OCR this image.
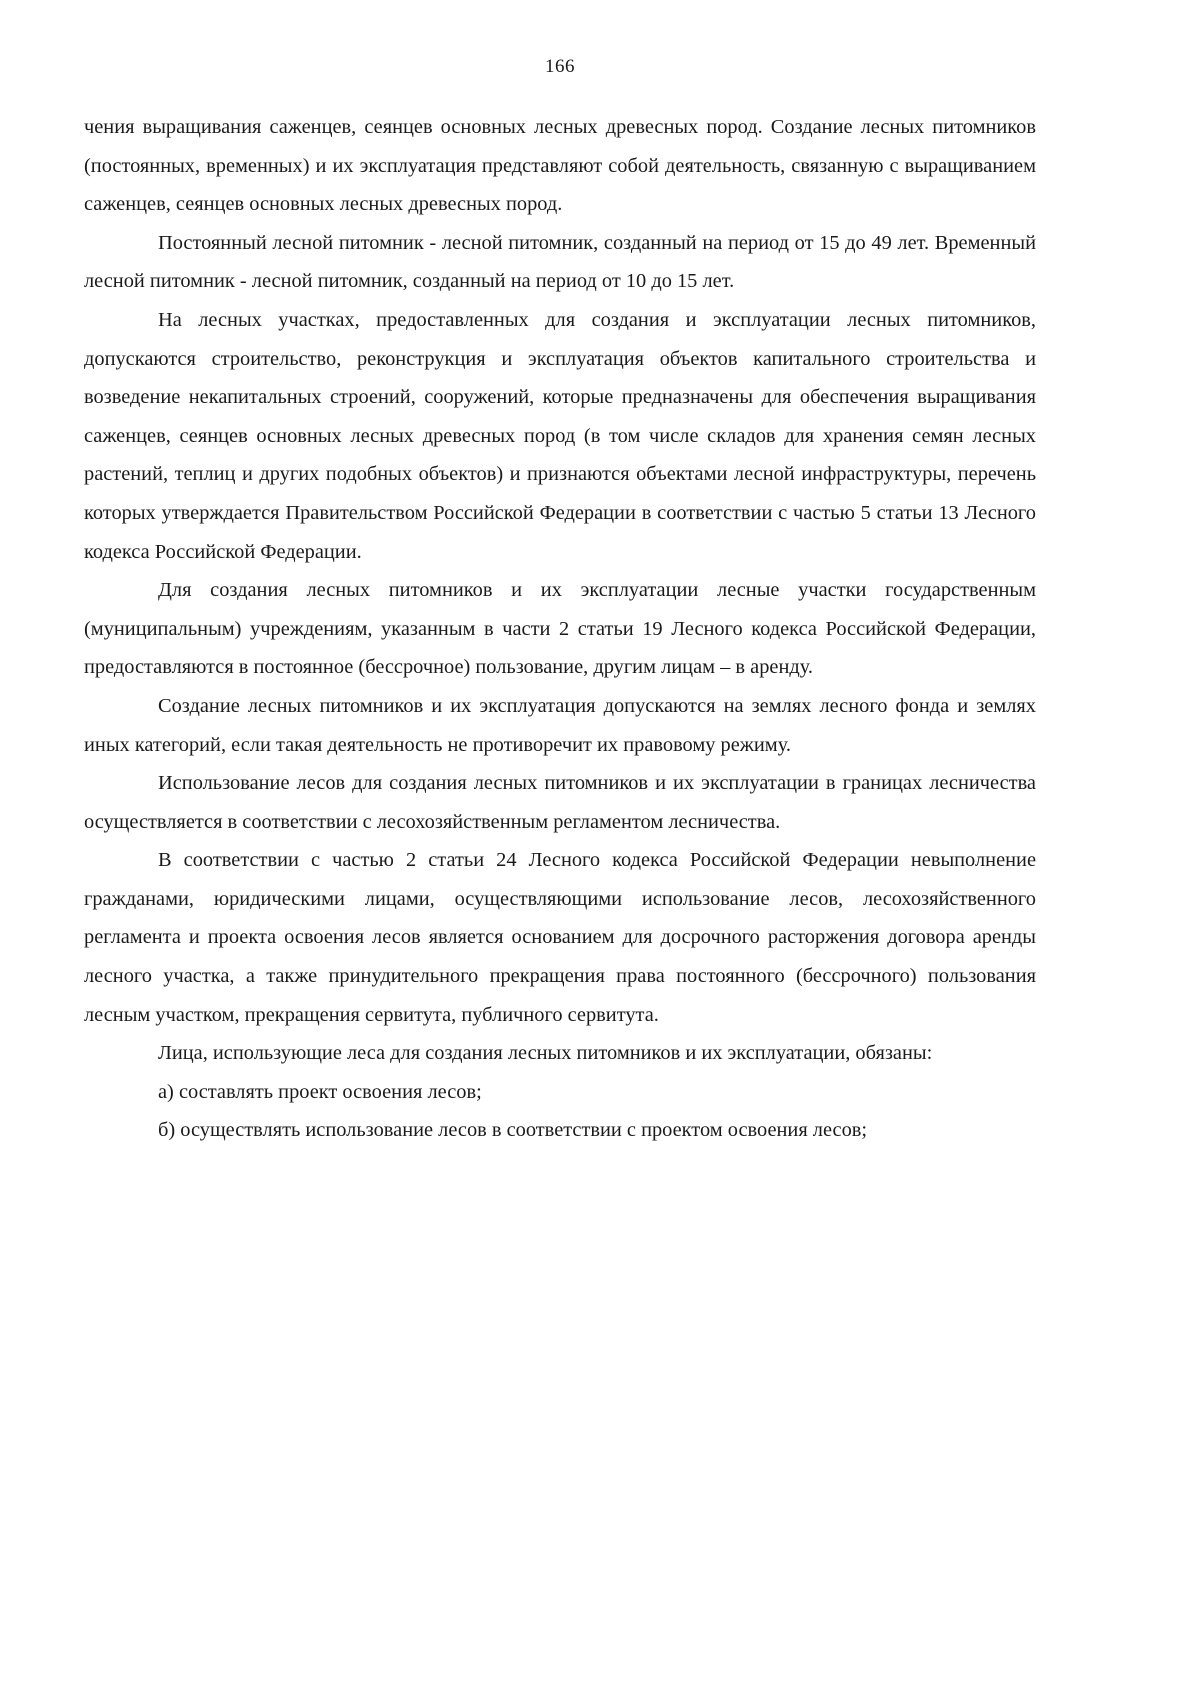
166

чения выращивания саженцев, сеянцев основных лесных древесных пород. Создание лесных питомников (постоянных, временных) и их эксплуатация представляют собой деятельность, связанную с выращиванием саженцев, сеянцев основных лесных древесных пород.

Постоянный лесной питомник - лесной питомник, созданный на период от 15 до 49 лет. Временный лесной питомник - лесной питомник, созданный на период от 10 до 15 лет.

На лесных участках, предоставленных для создания и эксплуатации лесных питомников, допускаются строительство, реконструкция и эксплуатация объектов капитального строительства и возведение некапитальных строений, сооружений, которые предназначены для обеспечения выращивания саженцев, сеянцев основных лесных древесных пород (в том числе складов для хранения семян лесных растений, теплиц и других подобных объектов) и признаются объектами лесной инфраструктуры, перечень которых утверждается Правительством Российской Федерации в соответствии с частью 5 статьи 13 Лесного кодекса Российской Федерации.

Для создания лесных питомников и их эксплуатации лесные участки государственным (муниципальным) учреждениям, указанным в части 2 статьи 19 Лесного кодекса Российской Федерации, предоставляются в постоянное (бессрочное) пользование, другим лицам – в аренду.

Создание лесных питомников и их эксплуатация допускаются на землях лесного фонда и землях иных категорий, если такая деятельность не противоречит их правовому режиму.

Использование лесов для создания лесных питомников и их эксплуатации в границах лесничества осуществляется в соответствии с лесохозяйственным регламентом лесничества.

В соответствии с частью 2 статьи 24 Лесного кодекса Российской Федерации невыполнение гражданами, юридическими лицами, осуществляющими использование лесов, лесохозяйственного регламента и проекта освоения лесов является основанием для досрочного расторжения договора аренды лесного участка, а также принудительного прекращения права постоянного (бессрочного) пользования лесным участком, прекращения сервитута, публичного сервитута.

Лица, использующие леса для создания лесных питомников и их эксплуатации, обязаны:

а) составлять проект освоения лесов;

б) осуществлять использование лесов в соответствии с проектом освоения лесов;
